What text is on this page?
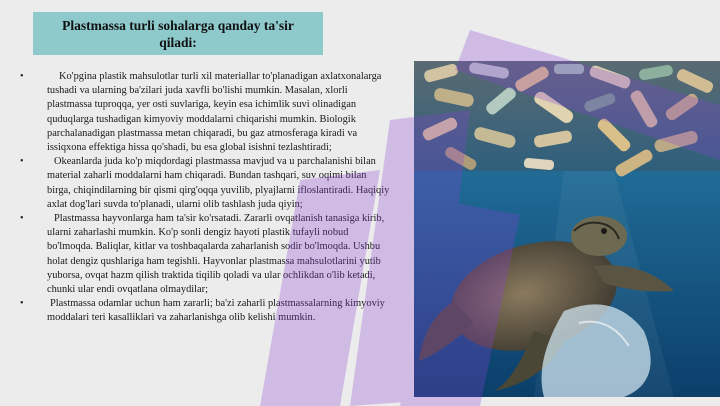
Plastmassa turli sohalarga qanday ta'sir qiladi:
•	Ko'pgina plastik mahsulotlar turli xil materiallar to'planadigan axlatxonalarga tushadi va ularning ba'zilari juda xavfli bo'lishi mumkin. Masalan, xlorli plastmassa tuproqqa, yer osti suvlariga, keyin esa ichimlik suvi olinadigan quduqlarga tushadigan kimyoviy moddalarni chiqarishi mumkin. Biologik parchalanadigan plastmassa metan chiqaradi, bu gaz atmosferaga kiradi va issiqxona effektiga hissa qo'shadi, bu esa global isishni tezlashtiradi;
•	Okeanlarda juda ko'p miqdordagi plastmassa mavjud va u parchalanishi bilan material zaharli moddalarni ham chiqaradi. Bundan tashqari, suv oqimi bilan birga, chiqindilarning bir qismi qirg'oqqa yuvilib, plyajlarni ifloslantiradi. Haqiqiy axlat dog'lari suvda to'planadi, ularni olib tashlash juda qiyin;
•	Plastmassa hayvonlarga ham ta'sir ko'rsatadi. Zararli ovqatlanish tanasiga kirib, ularni zaharlashi mumkin. Ko'p sonli dengiz hayoti plastik tufayli nobud bo'lmoqda. Baliqlar, kitlar va toshbaqalarda zaharlanish sodir bo'lmoqda. Ushbu holat dengiz qushlariga ham tegishli. Hayvonlar plastmassa mahsulotlarini yutib yuborsa, ovqat hazm qilish traktida tiqilib qoladi va ular ochlikdan o'lib ketadi, chunki ular endi ovqatlana olmaydilar;
•	Plastmassa odamlar uchun ham zararli; ba'zi zaharli plastmassalarning kimyoviy moddalari teri kasalliklari va zaharlanishga olib kelishi mumkin.
